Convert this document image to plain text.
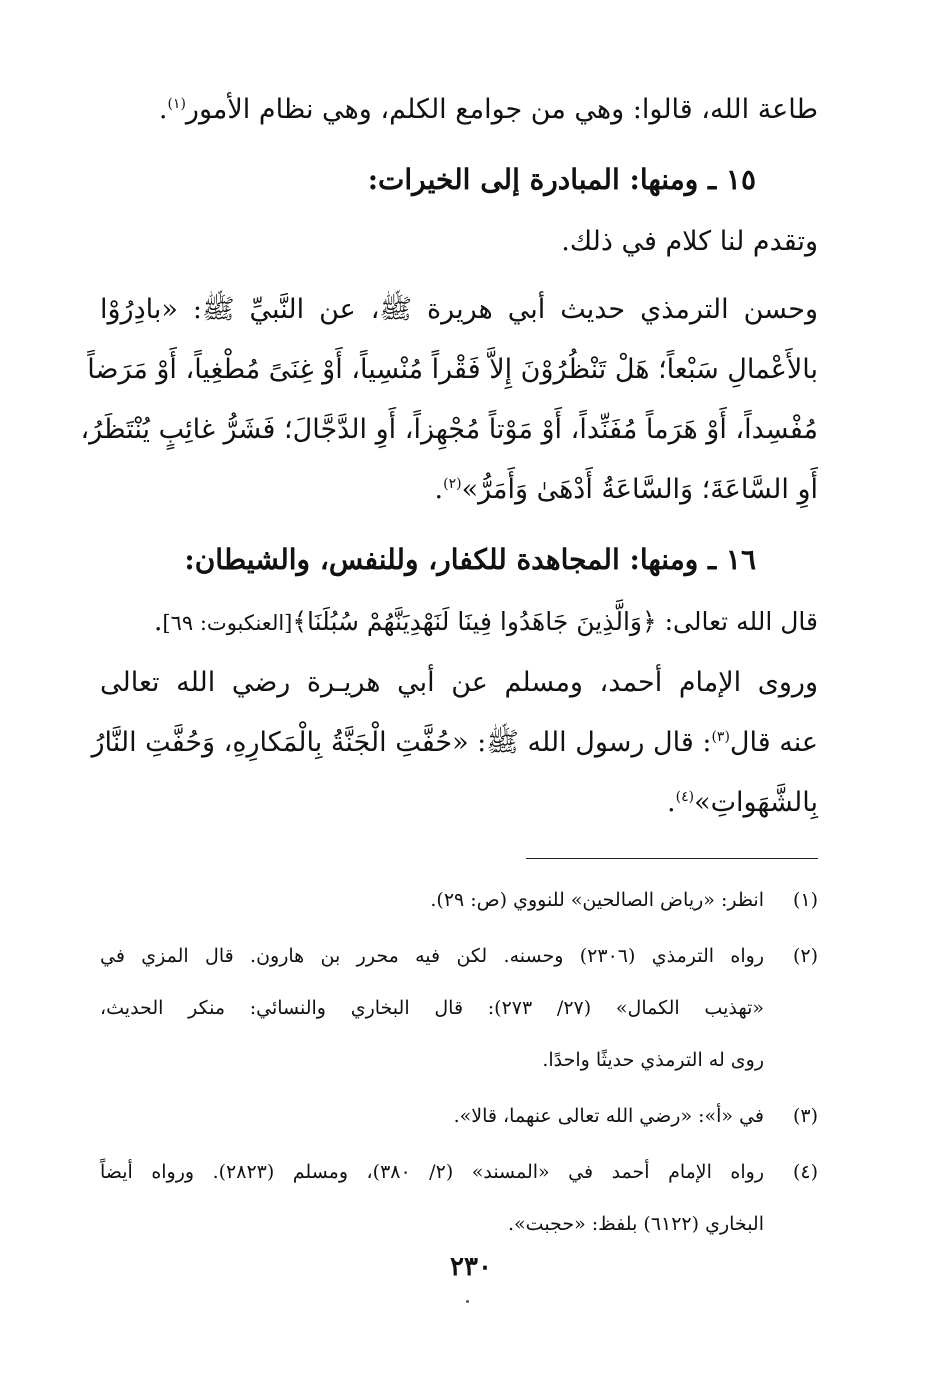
طاعة الله، قالوا: وهي من جوامع الكلم، وهي نظام الأمور$^{(١)}$.

١٥ ـ ومنها: المبادرة إلى الخيرات:

وتقدم لنا كلام في ذلك.

وحسن الترمذي حديث أبي هريرة ﷺ، عن النَّبيِّ ﷺ: «بادِرُوْا

بالأَعْمالِ سَبْعاً؛ هَلْ تَنْظُرُوْنَ إِلاَّ فَقْراً مُنْسِياً، أَوْ غِنَىً مُطْغِياً، أَوْ مَرَضاً

مُفْسِداً، أَوْ هَرَماً مُفَنِّداً، أَوْ مَوْتاً مُجْهِزاً، أَوِ الدَّجَّالَ؛ فَشَرُّ غائِبٍ يُنْتَظَرُ،

أَوِ السَّاعَةَ؛ وَالسَّاعَةُ أَدْهَىٰ وَأَمَرُّ»$^{(٢)}$.

١٦ ـ ومنها: المجاهدة للكفار، وللنفس، والشيطان:

قال الله تعالى: ﴿وَالَّذِينَ جَاهَدُوا فِينَا لَنَهْدِيَنَّهُمْ سُبُلَنَا﴾[العنكبوت: ٦٩].

وروى الإمام أحمد، ومسلم عن أبي هريـرة رضي الله تعالى

عنه قال$^{(٣)}$: قال رسول الله ﷺ: «حُفَّتِ الْجَنَّةُ بِالْمَكارِهِ، وَحُفَّتِ النَّارُ

بِالشَّهَواتِ»$^{(٤)}$.

(١)
انظر: «رياض الصالحين» للنووي (ص: ٢٩).
(٢)
رواه الترمذي (٢٣٠٦) وحسنه. لكن فيه محرر بن هارون. قال المزي في
«تهذيب الكمال» (٢٧/ ٢٧٣): قال البخاري والنسائي: منكر الحديث،
روى له الترمذي حديثًا واحدًا.
(٣)
في «أ»: «رضي الله تعالى عنهما، قالا».
(٤)
رواه الإمام أحمد في «المسند» (٢/ ٣٨٠)، ومسلم (٢٨٢٣). ورواه أيضاً
البخاري (٦١٢٢) بلفظ: «حجبت».
٢٣٠
